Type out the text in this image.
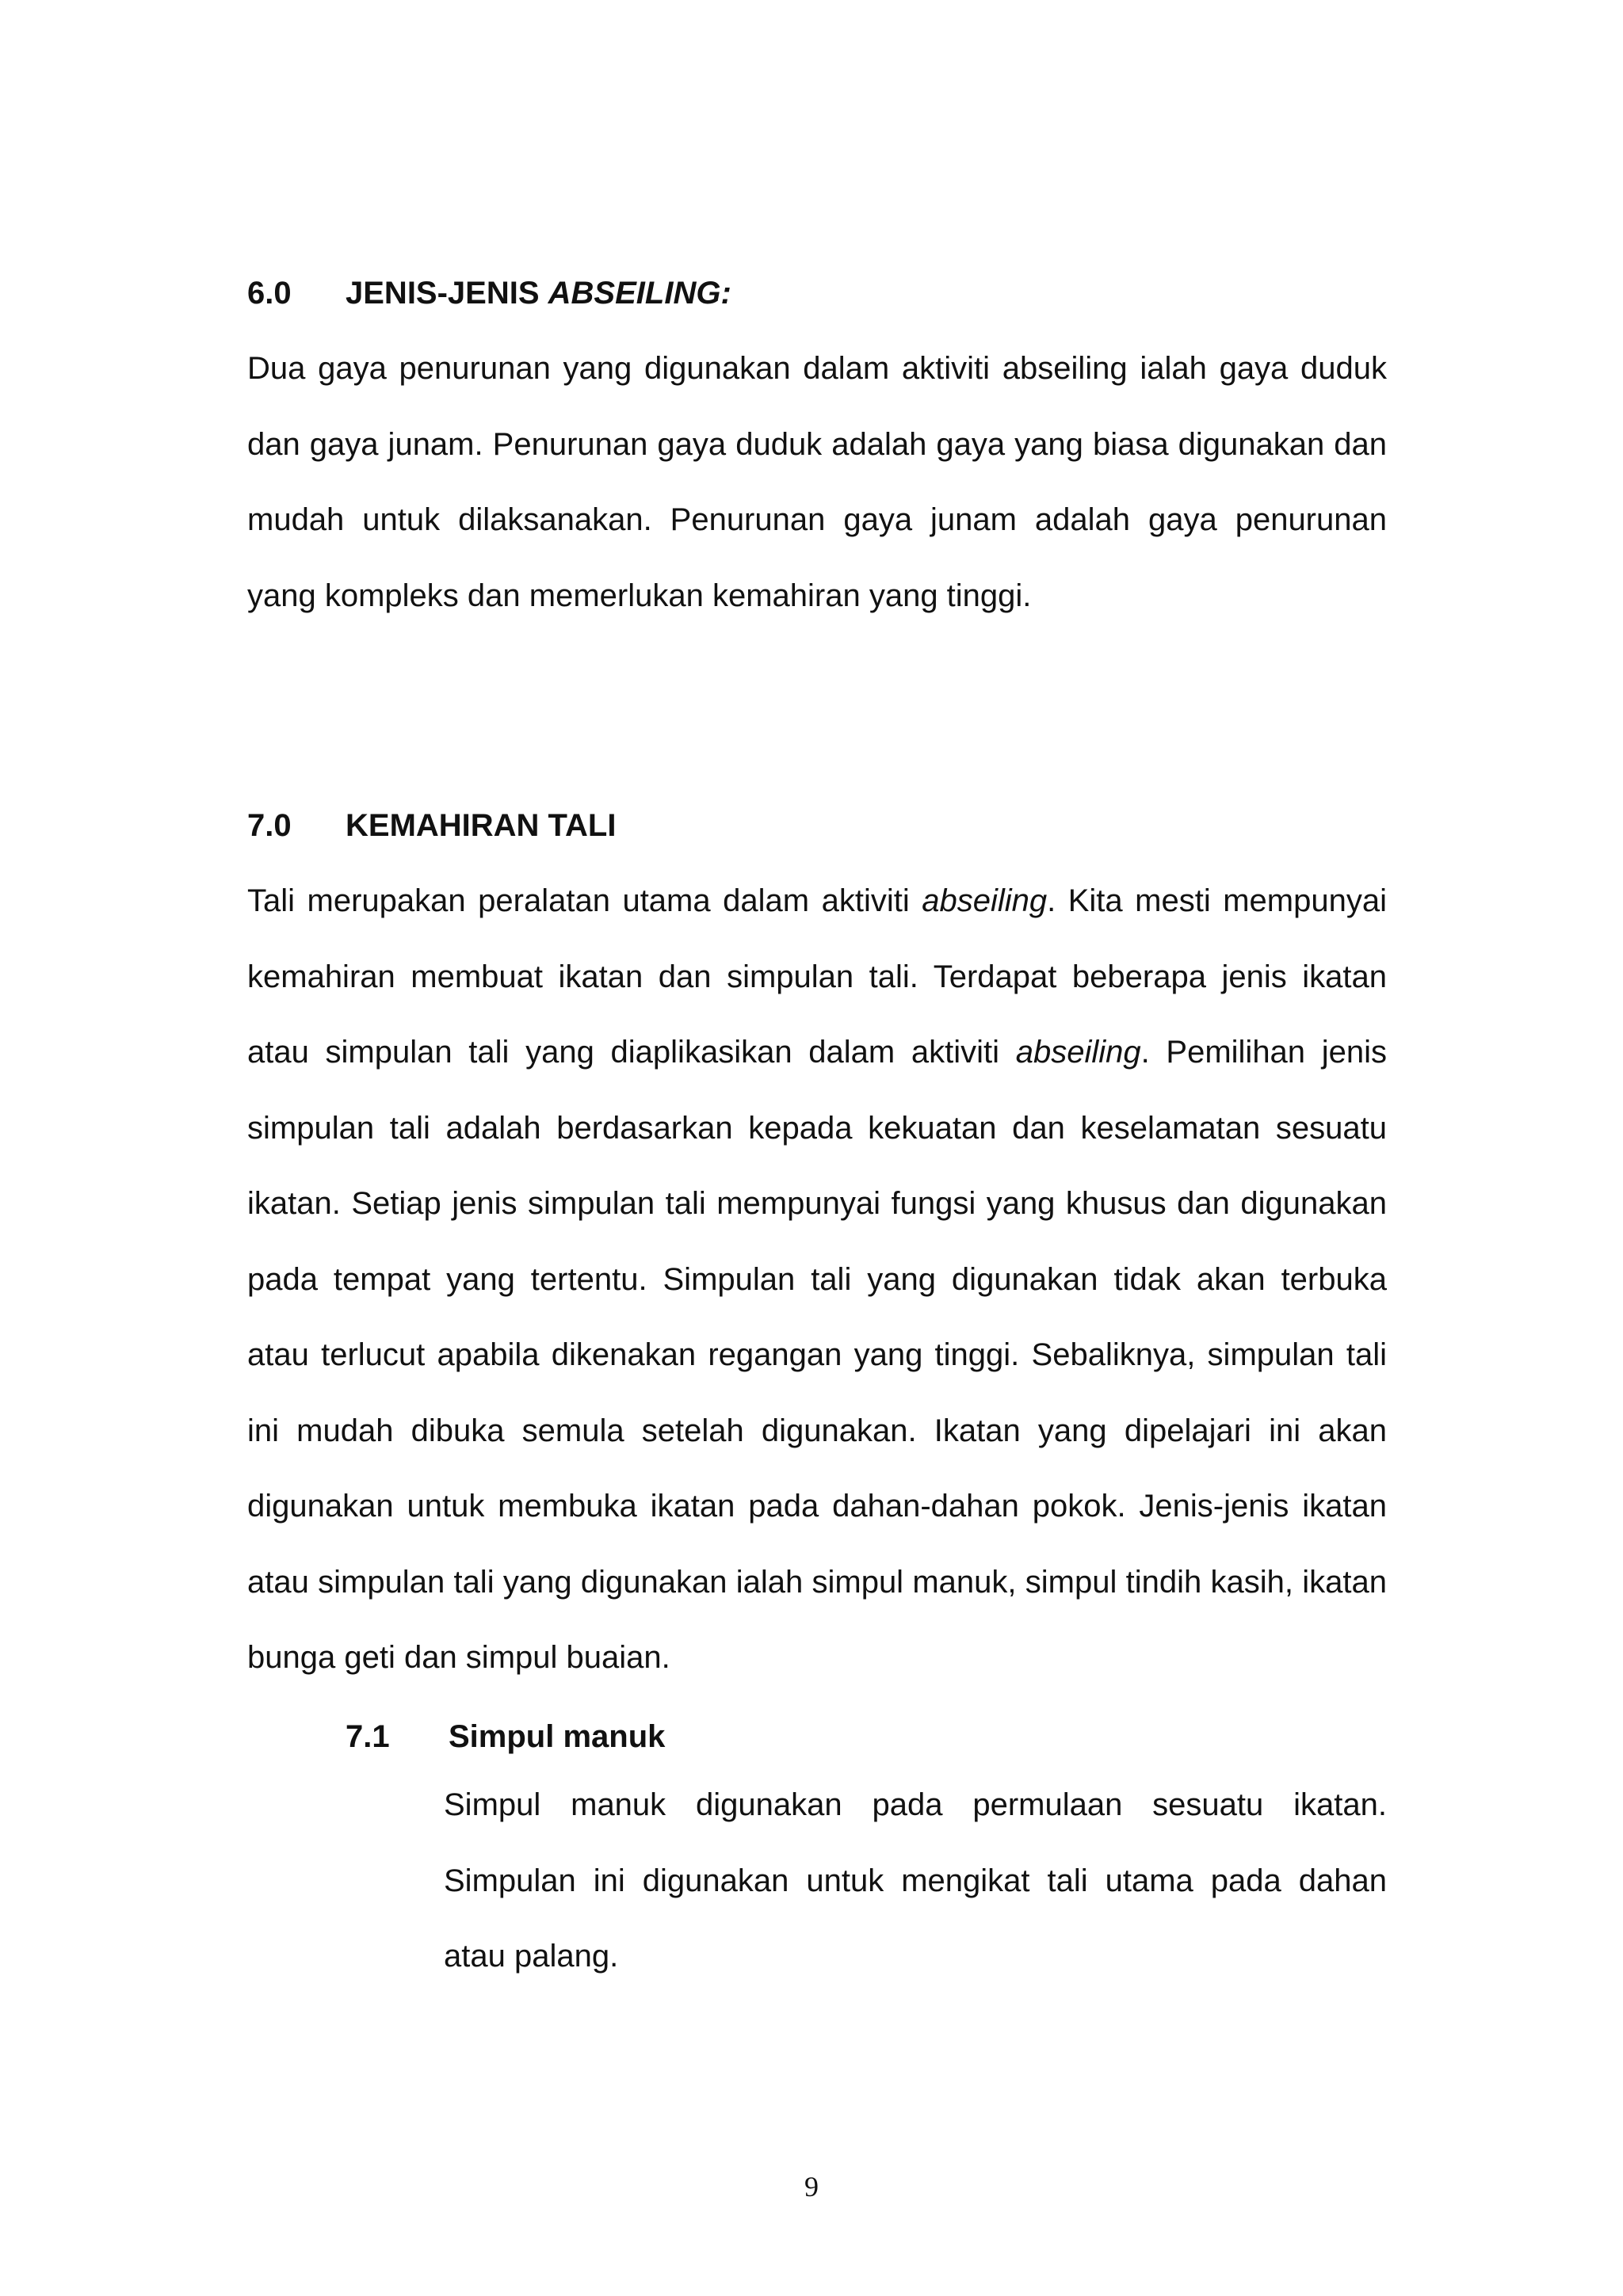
6.0 JENIS-JENIS ABSEILING:

Dua gaya penurunan yang digunakan dalam aktiviti abseiling ialah gaya duduk dan gaya junam. Penurunan gaya duduk adalah gaya yang biasa digunakan dan mudah untuk dilaksanakan. Penurunan gaya junam adalah gaya penurunan yang kompleks dan memerlukan kemahiran yang tinggi.

7.0 KEMAHIRAN TALI

Tali merupakan peralatan utama dalam aktiviti abseiling. Kita mesti mempunyai kemahiran membuat ikatan dan simpulan tali. Terdapat beberapa jenis ikatan atau simpulan tali yang diaplikasikan dalam aktiviti abseiling. Pemilihan jenis simpulan tali adalah berdasarkan kepada kekuatan dan keselamatan sesuatu ikatan. Setiap jenis simpulan tali mempunyai fungsi yang khusus dan digunakan pada tempat yang tertentu. Simpulan tali yang digunakan tidak akan terbuka atau terlucut apabila dikenakan regangan yang tinggi. Sebaliknya, simpulan tali ini mudah dibuka semula setelah digunakan. Ikatan yang dipelajari ini akan digunakan untuk membuka ikatan pada dahan-dahan pokok. Jenis-jenis ikatan atau simpulan tali yang digunakan ialah simpul manuk, simpul tindih kasih, ikatan bunga geti dan simpul buaian.

7.1 Simpul manuk

Simpul manuk digunakan pada permulaan sesuatu ikatan. Simpulan ini digunakan untuk mengikat tali utama pada dahan atau palang.

9
